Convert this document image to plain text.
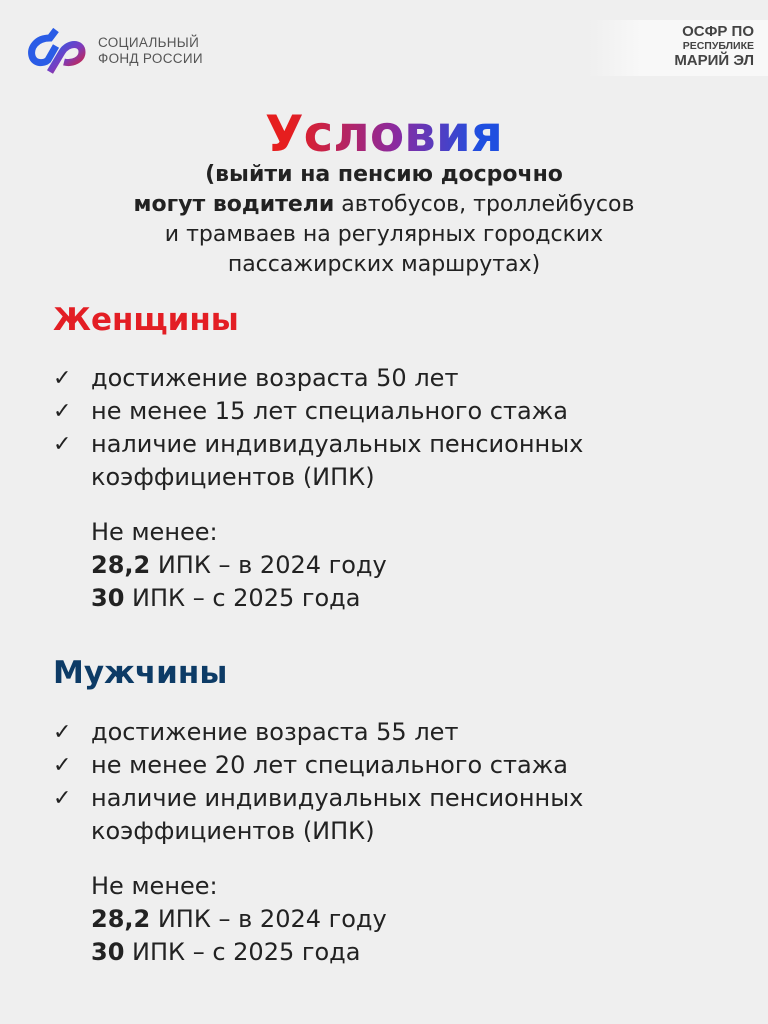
СОЦИАЛЬНЫЙ
ФОНД РОССИИ
ОСФР ПО
РЕСПУБЛИКЕ
МАРИЙ ЭЛ
Условия
(выйти на пенсию досрочно
могут водители автобусов, троллейбусов
и трамваев на регулярных городских
пассажирских маршрутах)
Женщины
✓ достижение возраста 50 лет
✓ не менее 15 лет специального стажа
✓ наличие индивидуальных пенсионных коэффициентов (ИПК)
Не менее:
28,2 ИПК – в 2024 году
30 ИПК – с 2025 года
Мужчины
✓ достижение возраста 55 лет
✓ не менее 20 лет специального стажа
✓ наличие индивидуальных пенсионных коэффициентов (ИПК)
Не менее:
28,2 ИПК – в 2024 году
30 ИПК – с 2025 года
